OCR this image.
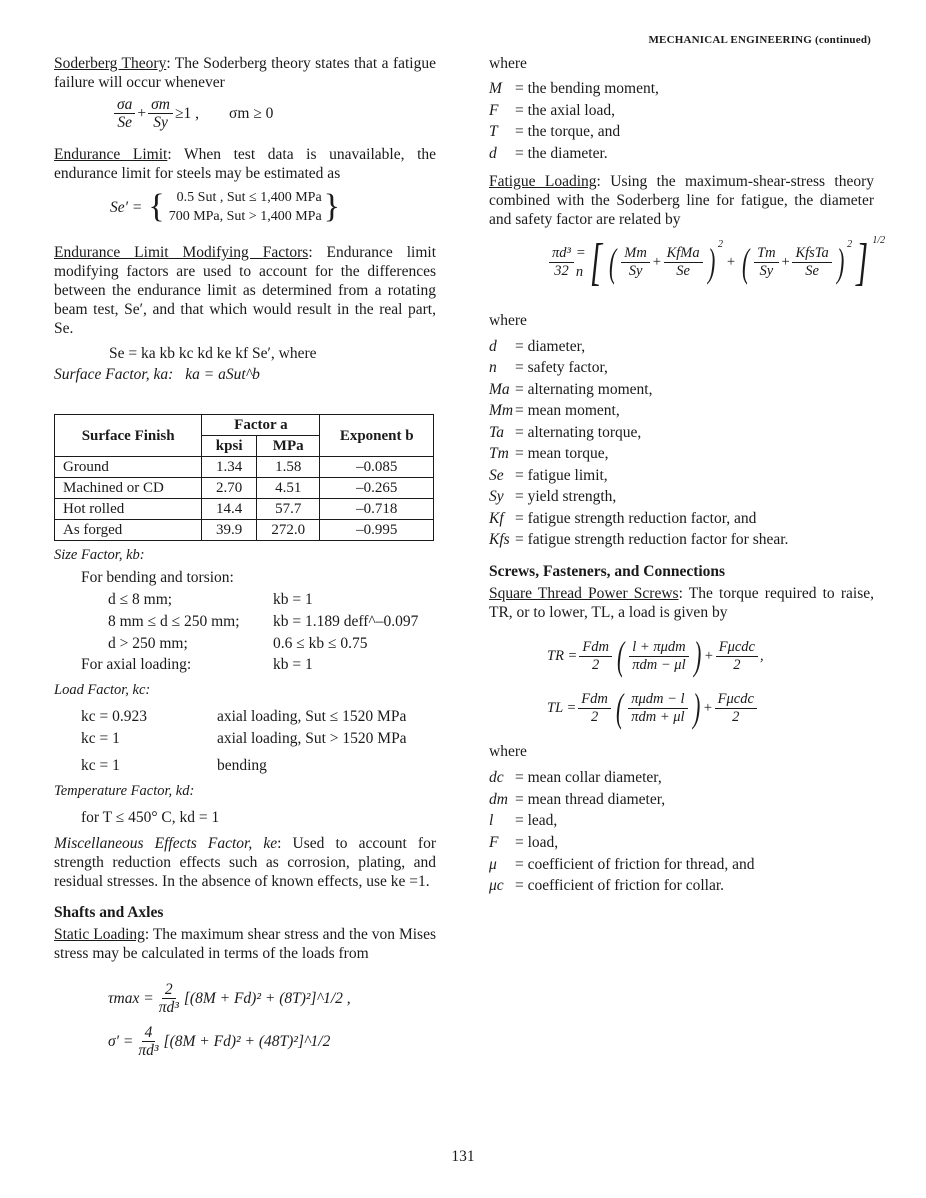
MECHANICAL ENGINEERING (continued)

Soderberg Theory: The Soderberg theory states that a fatigue failure will occur whenever

$\frac{\sigma a}{Se} + \frac{\sigma m}{Sy} \ge 1$ , σm ≥ 0

Endurance Limit: When test data is unavailable, the endurance limit for steels may be estimated as

Se′ = { 0.5 Sut , Sut ≤ 1,400 MPa
700 MPa, Sut > 1,400 MPa }

Endurance Limit Modifying Factors: Endurance limit modifying factors are used to account for the differences between the endurance limit as determined from a rotating beam test, Se′, and that which would result in the real part, Se.

Se = ka kb kc kd ke kf Se′, where

Surface Factor, ka: ka = aSut^b

Surface Finish	Factor a		Exponent b
	kpsi	MPa	
Ground	1.34	1.58	–0.085
Machined or CD	2.70	4.51	–0.265
Hot rolled	14.4	57.7	–0.718
As forged	39.9	272.0	–0.995

Size Factor, kb:

For bending and torsion:

d ≤ 8 mm;	kb = 1
8 mm ≤ d ≤ 250 mm;	kb = 1.189 deff^–0.097
d > 250 mm;	0.6 ≤ kb ≤ 0.75
For axial loading:	kb = 1

Load Factor, kc:

kc = 0.923	axial loading, Sut ≤ 1520 MPa
kc = 1	axial loading, Sut > 1520 MPa
kc = 1	bending

Temperature Factor, kd:

for T ≤ 450° C, kd = 1

Miscellaneous Effects Factor, ke: Used to account for strength reduction effects such as corrosion, plating, and residual stresses. In the absence of known effects, use ke =1.

Shafts and Axles

Static Loading: The maximum shear stress and the von Mises stress may be calculated in terms of the loads from

$\tau\max = \frac{2}{\text{πd³}} [(8M + Fd)^2$ + (8T)²]^1/2 ,
$\sigma' = \frac{4}{\text{πd³}} [(8M + Fd)^2$ + (48T)²]^1/2

where

M = the bending moment,
F	= the axial load,
T	= the torque, and
d	= the diameter.

Fatigue Loading: Using the maximum-shear-stress theory combined with the Soderberg line for fatigue, the diameter and safety factor are related by

$\frac{\text{πd³}}{32} = n$ [ ( $\frac{Mm}{Sy} + \frac{\text{KfMa}}{Se}$ ) 2
+ ( $\frac{Tm}{Sy} + \frac{\text{KfsTa}}{Se}$ ) 2 ] 1/2

where

d	= diameter,
n	= safety factor,
Ma = alternating moment,
Mm = mean moment,
Ta = alternating torque,
Tm = mean torque,
Se = fatigue limit,
Sy = yield strength,
Kf = fatigue strength reduction factor, and
Kfs = fatigue strength reduction factor for shear.

Screws, Fasteners, and Connections

Square Thread Power Screws: The torque required to raise, TR, or to lower, TL, a load is given by

TR = $\frac{\text{Fdm}}{2}$ ( $\frac{\text{l + πμdm}}{\text{πdm − μl}}$ ) + $\frac{\text{Fμcdc}}{2}$ ,
TL = $\frac{\text{Fdm}}{2}$ ( $\frac{\text{πμdm − l}}{\text{πdm + μl}}$ ) + $\frac{\text{Fμcdc}}{2}$

where

dc = mean collar diameter,
dm = mean thread diameter,
l	= lead,
F	= load,
μ	= coefficient of friction for thread, and
μc = coefficient of friction for collar.
131
